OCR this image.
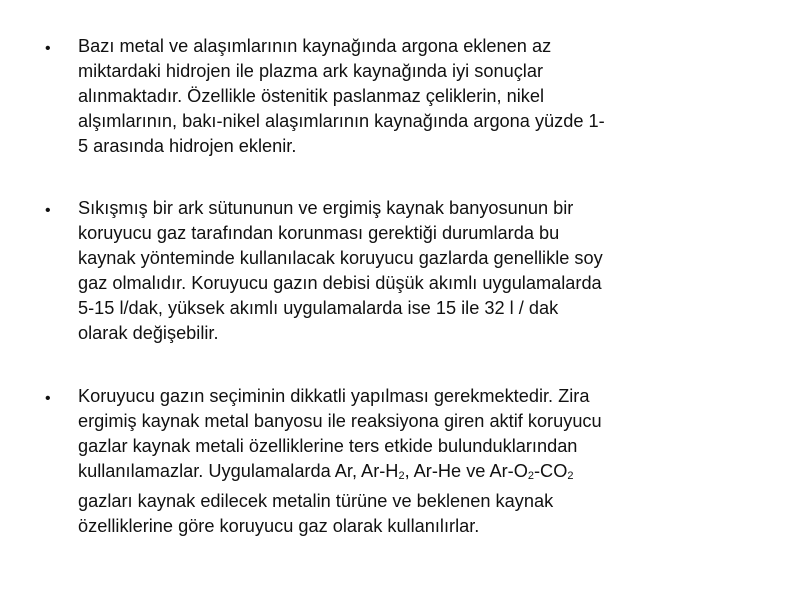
• Bazı metal ve alaşımlarının kaynağında argona eklenen az
miktardaki hidrojen ile plazma ark kaynağında iyi sonuçlar
alınmaktadır. Özellikle östenitik paslanmaz çeliklerin, nikel
alşımlarının, bakı-nikel alaşımlarının kaynağında argona yüzde 1-
5 arasında hidrojen eklenir.
• Sıkışmış bir ark sütununun ve ergimiş kaynak banyosunun bir
koruyucu gaz tarafından korunması gerektiği durumlarda bu
kaynak yönteminde kullanılacak koruyucu gazlarda genellikle soy
gaz olmalıdır. Koruyucu gazın debisi düşük akımlı uygulamalarda
5-15 l/dak, yüksek akımlı uygulamalarda ise 15 ile 32 l / dak
olarak değişebilir.
• Koruyucu gazın seçiminin dikkatli yapılması gerekmektedir. Zira
ergimiş kaynak metal banyosu ile reaksiyona giren aktif koruyucu
gazlar kaynak metali özelliklerine ters etkide bulunduklarından
kullanılamazlar. Uygulamalarda Ar, Ar-H2, Ar-He ve Ar-O2-CO2
gazları kaynak edilecek metalin türüne ve beklenen kaynak
özelliklerine göre koruyucu gaz olarak kullanılırlar.
